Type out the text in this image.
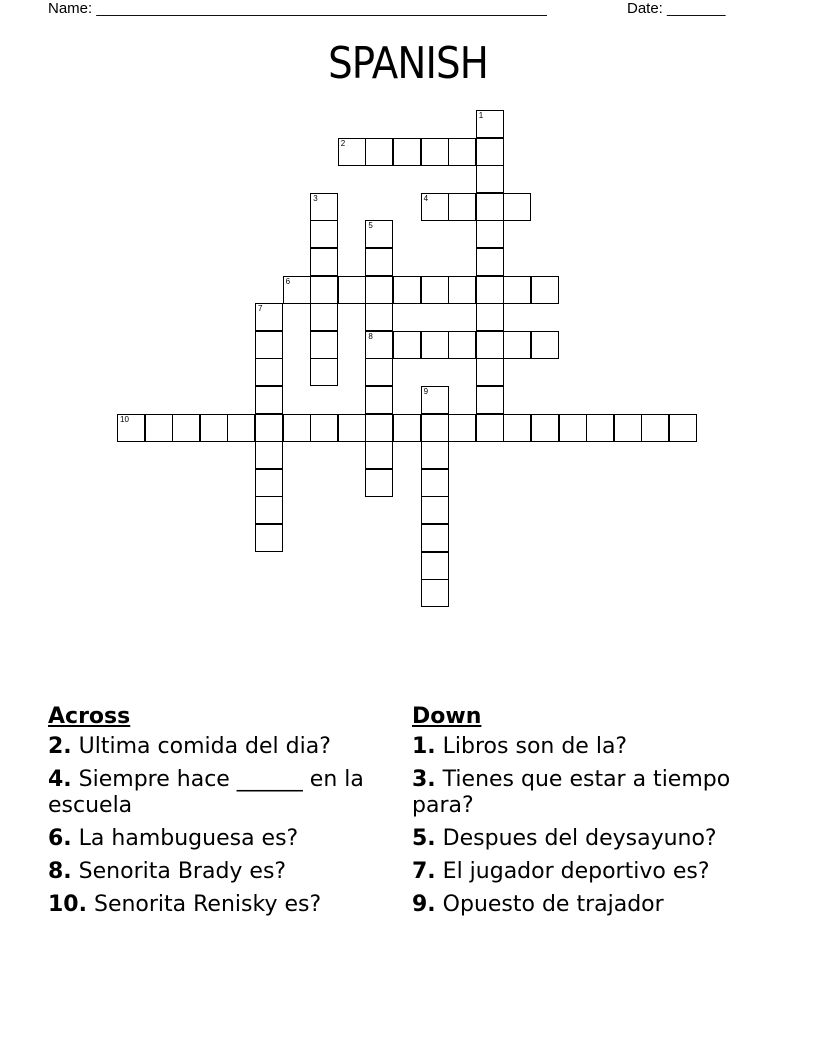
Name: ______________________________________________________	Date: _______
SPANISH
1
2
3	4
5
8
6
7
9
10
Across
2. Ultima comida del dia?
4. Siempre hace ______ en la escuela
6. La hambuguesa es?
8. Senorita Brady es?
10. Senorita Renisky es?
Down
1. Libros son de la?
3. Tienes que estar a tiempo para?
5. Despues del deysayuno?
7. El jugador deportivo es?
9. Opuesto de trajador
